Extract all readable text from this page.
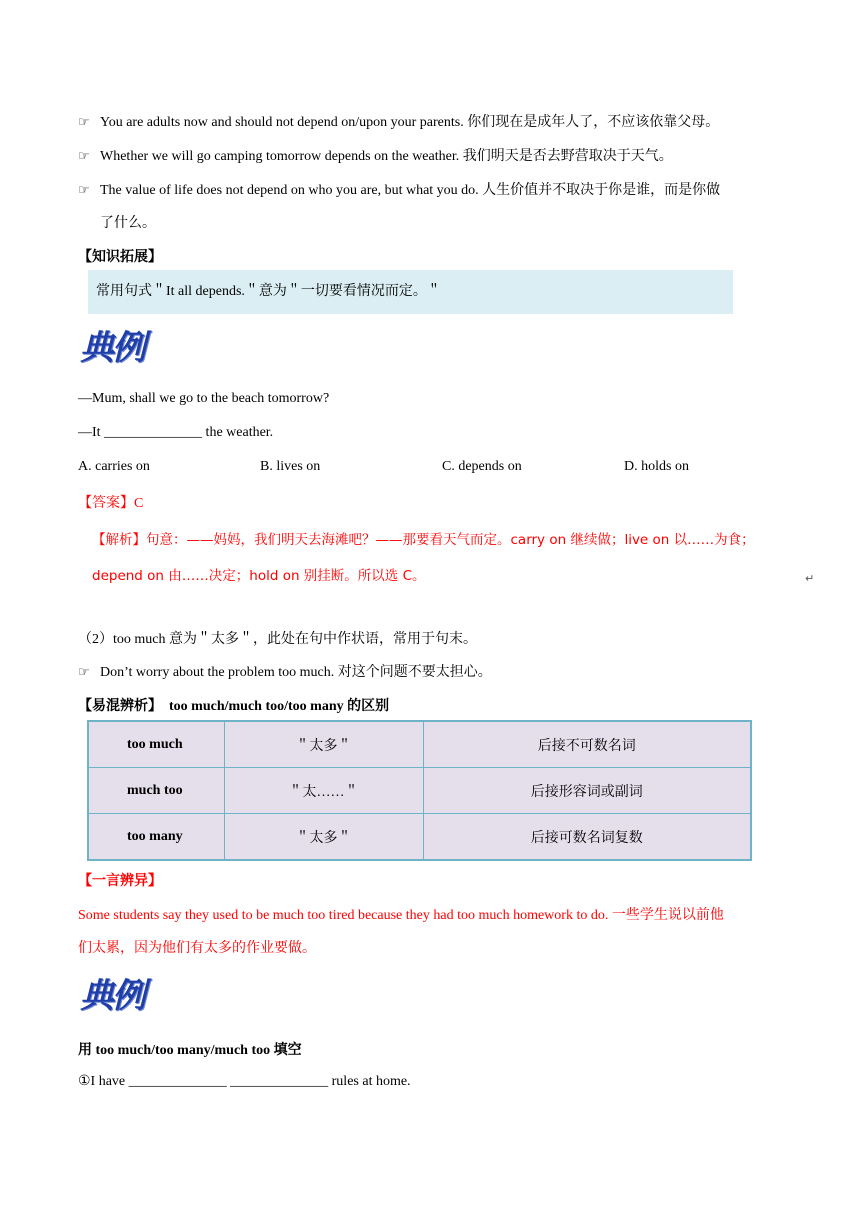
☞ You are adults now and should not depend on/upon your parents. 你们现在是成年人了，不应该依靠父母。
☞ Whether we will go camping tomorrow depends on the weather. 我们明天是否去野营取决于天气。
☞ The value of life does not depend on who you are, but what you do. 人生价值并不取决于你是谁，而是你做
了什么。
【知识拓展】
常用句式＂It all depends.＂意为＂一切要看情况而定。＂
典例
—Mum, shall we go to the beach tomorrow?
—It ______________ the weather.
A. carries on	B. lives on	C. depends on	D. holds on
【答案】C
【解析】句意：——妈妈，我们明天去海滩吧？——那要看天气而定。carry on 继续做；live on 以……为食；
depend on 由……决定；hold on 别挂断。所以选 C。	↵
（2）too much 意为＂太多＂，此处在句中作状语，常用于句末。
☞ Don’t worry about the problem too much. 对这个问题不要太担心。
【易混辨析】  too much/much too/too many 的区别
too much	＂太多＂	后接不可数名词
much too	＂太……＂	后接形容词或副词
too many	＂太多＂	后接可数名词复数
【一言辨异】
Some students say they used to be much too tired because they had too much homework to do. 一些学生说以前他
们太累，因为他们有太多的作业要做。
典例
用 too much/too many/much too 填空
①I have ______________ ______________ rules at home.
